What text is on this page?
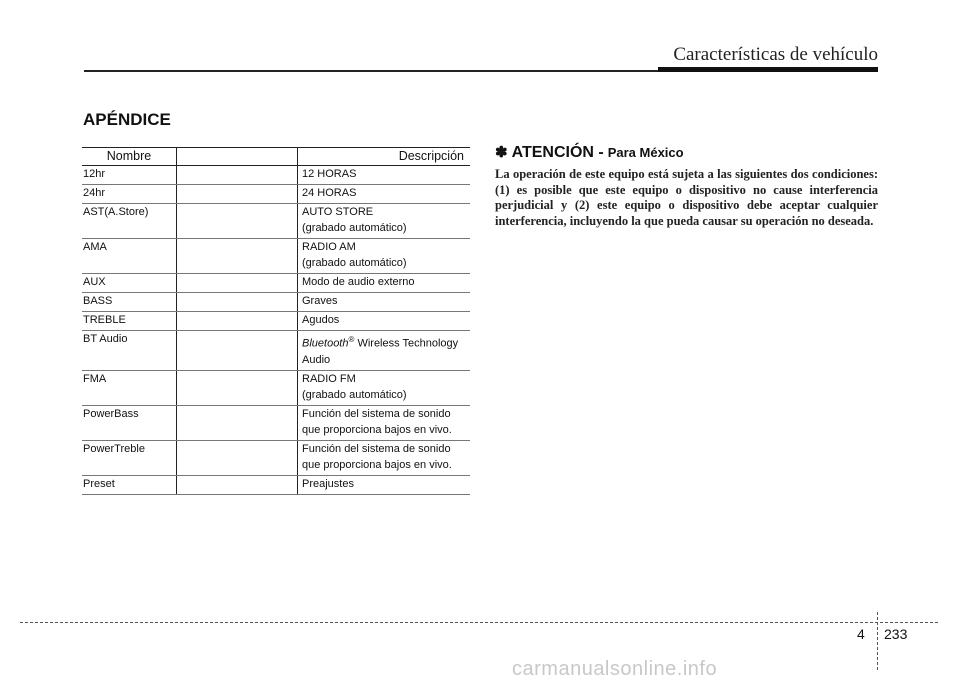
Características de vehículo
APÉNDICE
Nombre		Descripción
12hr		12 HORAS

24hr		24 HORAS

AST(A.Store)		AUTO STORE
(grabado automático)

AMA		RADIO AM
(grabado automático)

AUX		Modo de audio externo

BASS		Graves

TREBLE		Agudos

BT Audio		Bluetooth® Wireless Technology
Audio

FMA		RADIO FM
(grabado automático)

PowerBass		Función del sistema de sonido
que proporciona bajos en vivo.

PowerTreble		Función del sistema de sonido
que proporciona bajos en vivo.

Preset		Preajustes
✽ ATENCIÓN - Para México

La operación de este equipo está sujeta a las siguientes dos condiciones: (1) es posible que este equipo o dispositivo no cause interferencia perjudicial y (2) este equipo o dispositivo debe aceptar cualquier interferencia, incluyendo la que pueda causar su operación no deseada.

4 233
carmanualsonline.info
